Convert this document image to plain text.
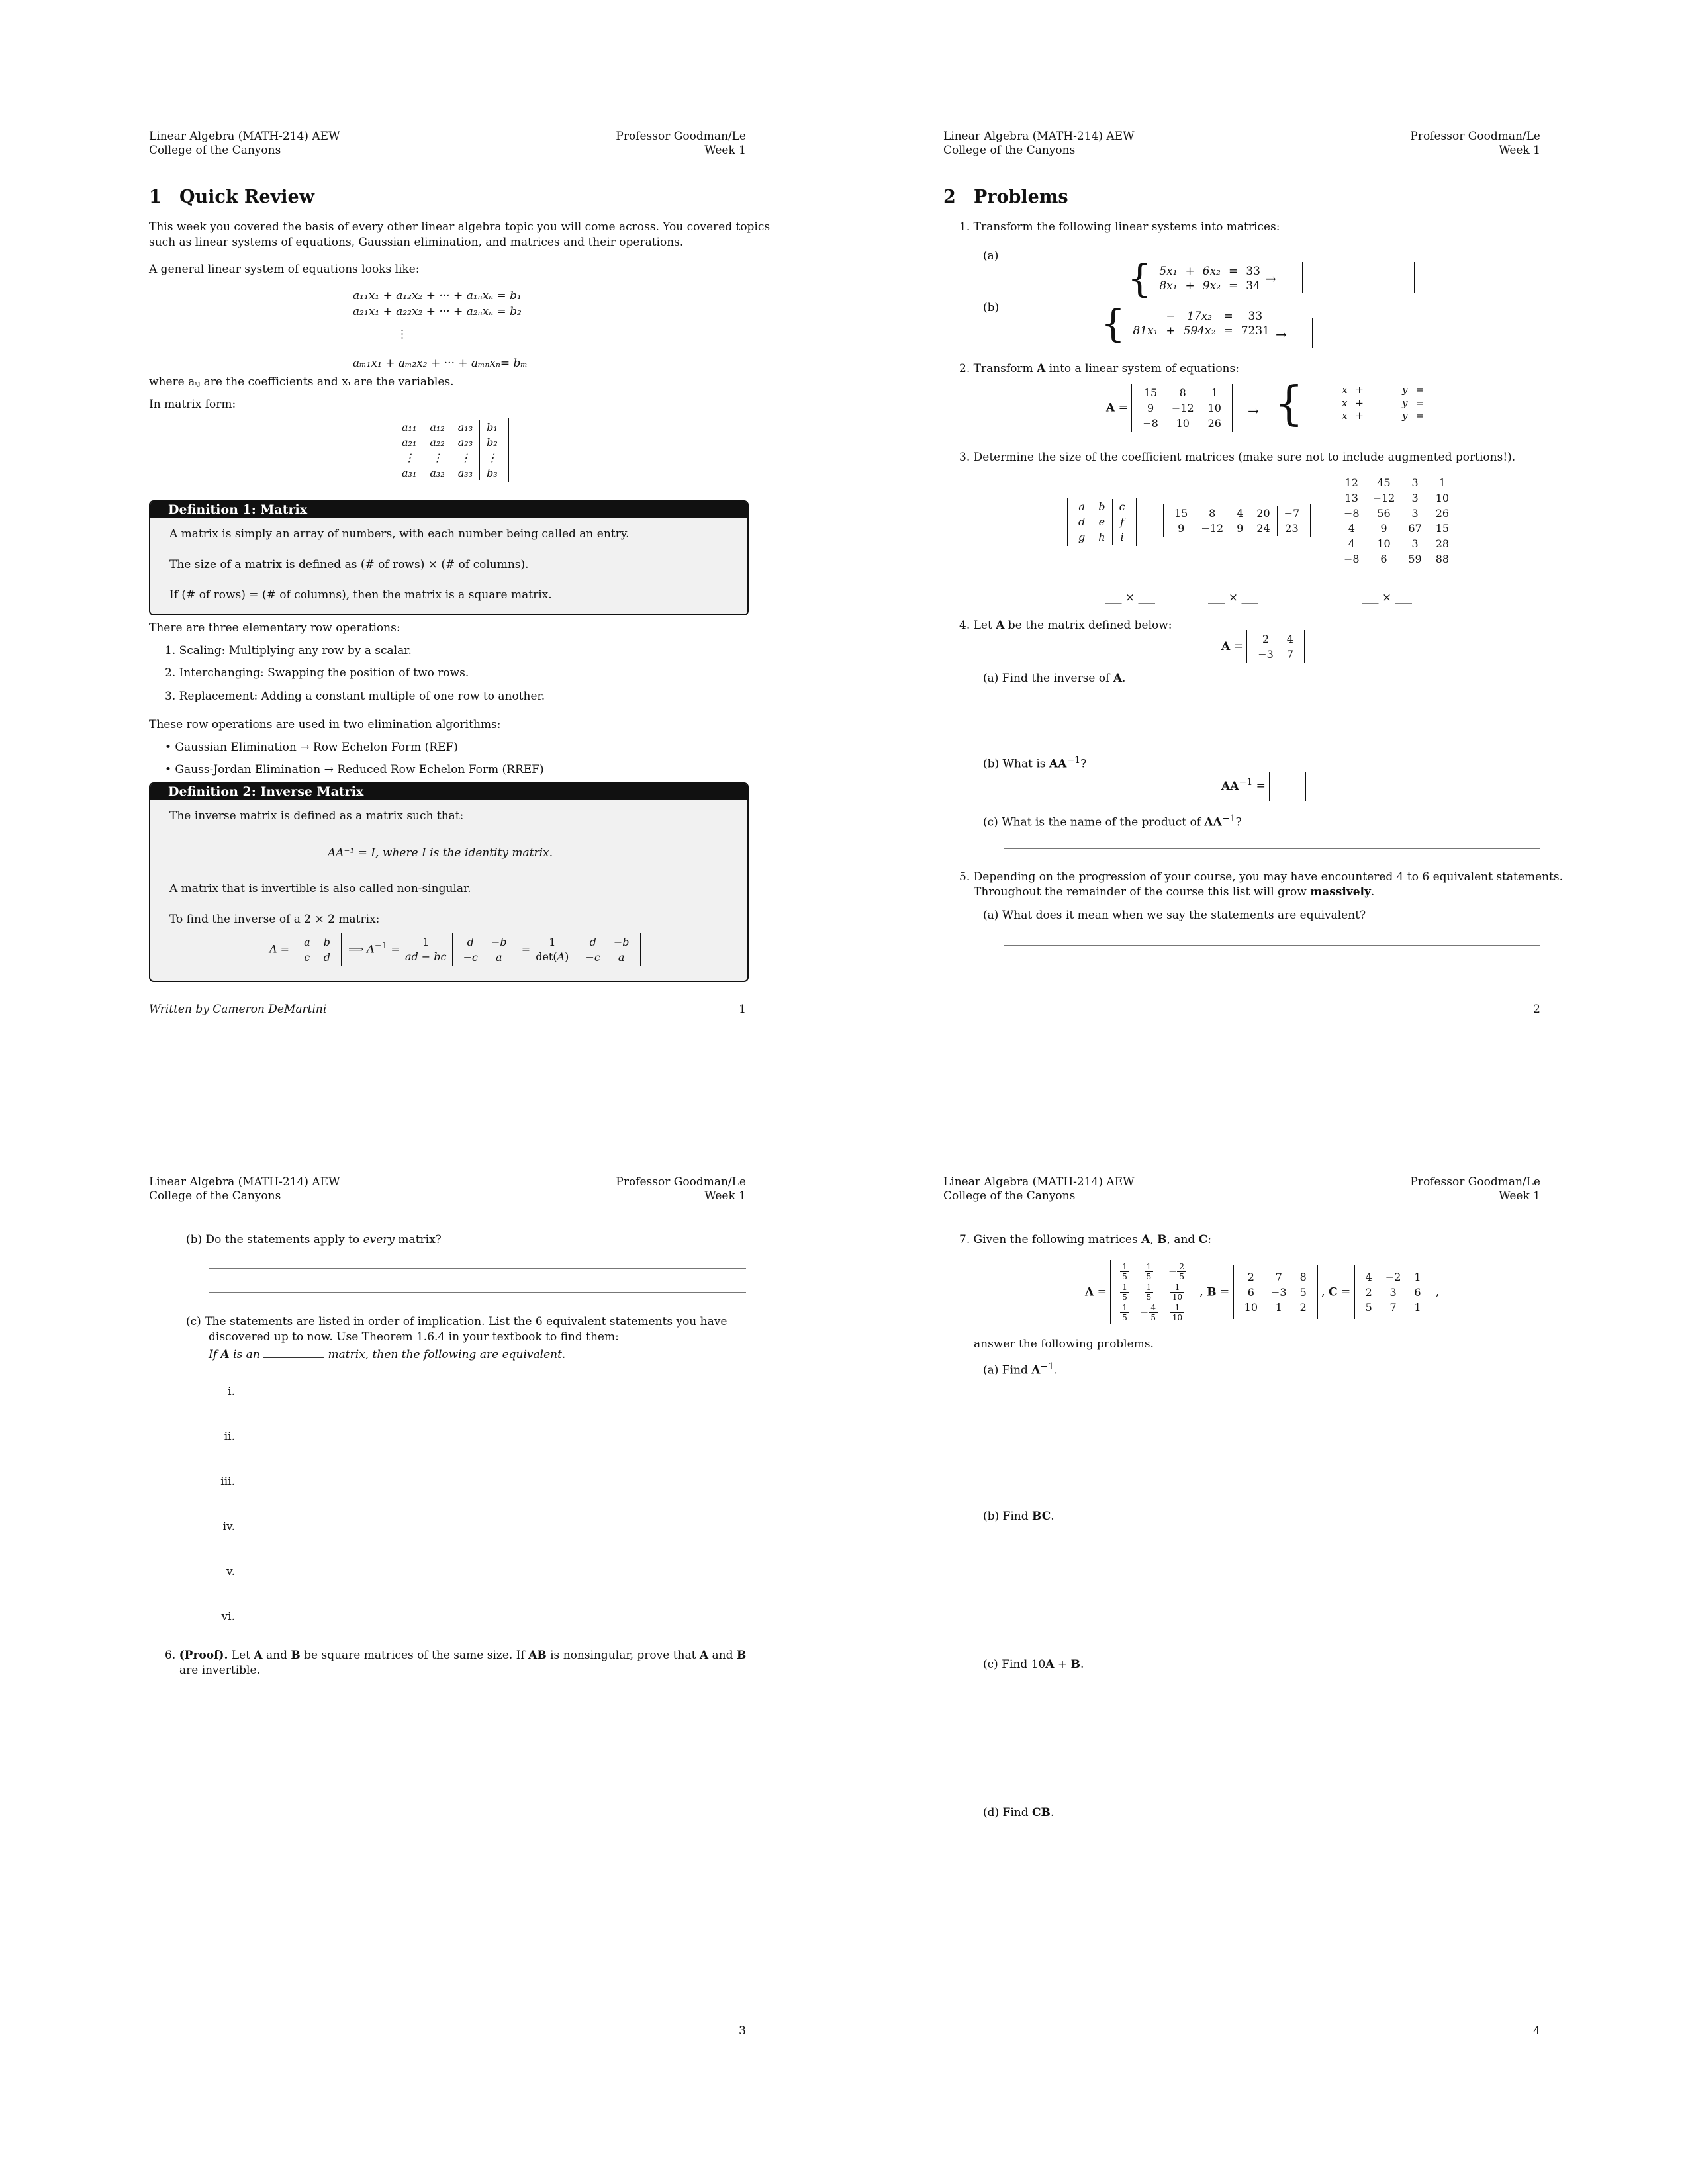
Linear Algebra (MATH-214) AEW
College of the Canyons
Professor Goodman/Le
Week 1
1 Quick Review
This week you covered the basis of every other linear algebra topic you will come across. You covered topics
such as linear systems of equations, Gaussian elimination, and matrices and their operations.
A general linear system of equations looks like:
a₁₁x₁ + a₁₂x₂ + ··· + a₁ₙxₙ = b₁
a₂₁x₁ + a₂₂x₂ + ··· + a₂ₙxₙ = b₂
⋮
aₘ₁x₁ + aₘ₂x₂ + ··· + aₘₙxₙ= bₘ
where aᵢⱼ are the coefficients and xᵢ are the variables.
In matrix form:
a₁₁	a₁₂	a₁₃	b₁
a₂₁	a₂₂	a₂₃	b₂
⋮	⋮	⋮	⋮
a₃₁	a₃₂	a₃₃	b₃
Definition 1: Matrix
A matrix is simply an array of numbers, with each number being called an entry.
The size of a matrix is defined as (# of rows) × (# of columns).
If (# of rows) = (# of columns), then the matrix is a square matrix.
There are three elementary row operations:
1. Scaling: Multiplying any row by a scalar.
2. Interchanging: Swapping the position of two rows.
3. Replacement: Adding a constant multiple of one row to another.
These row operations are used in two elimination algorithms:
• Gaussian Elimination → Row Echelon Form (REF)
• Gauss-Jordan Elimination → Reduced Row Echelon Form (RREF)
Definition 2: Inverse Matrix
The inverse matrix is defined as a matrix such that:
AA⁻¹ = I, where I is the identity matrix.
A matrix that is invertible is also called non-singular.
To find the inverse of a 2 × 2 matrix:
A =
a	b
c	d
⟹ $A^{-1} = \frac{1}{ad - bc}$
d	−b
−c	a
= $\frac{1}{\det(A)}$
d	−b
−c	a
Written by Cameron DeMartini	1
Linear Algebra (MATH-214) AEW
College of the Canyons
Professor Goodman/Le
Week 1
2 Problems
1. Transform the following linear systems into matrices:
(a)	{ 5x₁	+	6x₂	=	33
8x₁	+	9x₂	=	34 →
(b)	{		−	17x₂	=	33
81x₁	+	594x₂	=	7231 →
2. Transform A into a linear system of equations:
A =
15	8	1
9	−12	10
−8	10	26
→ {		x	+		y	=
	x	+		y	=
	x	+		y	=
3. Determine the size of the coefficient matrices (make sure not to include augmented portions!).
a	b	c
d	e	f
g	h	i
15	8	4	20	−7
9	−12	9	24	23
12	45	3	1
13	−12	3	10
−8	56	3	26
4	9	67	15
4	10	3	28
−8	6	59	88
___ × ___	___ × ___	___ × ___
4. Let A be the matrix defined below:
A =
2	4
−3	7
(a) Find the inverse of A.
(b) What is $AA^{-1}$?
$AA^{-1}$ =
(c) What is the name of the product of $AA^{-1}$?
5. Depending on the progression of your course, you may have encountered 4 to 6 equivalent statements.
Throughout the remainder of the course this list will grow massively.
(a) What does it mean when we say the statements are equivalent?
2
Linear Algebra (MATH-214) AEW
College of the Canyons
Professor Goodman/Le
Week 1
(b) Do the statements apply to every matrix?
(c) The statements are listed in order of implication. List the 6 equivalent statements you have
discovered up to now. Use Theorem 1.6.4 in your textbook to find them:
If A is an	matrix, then the following are equivalent.
i.
ii.
iii.
iv.
v.
vi.
6. (Proof). Let A and B be square matrices of the same size. If AB is nonsingular, prove that A and B
are invertible.
3
Linear Algebra (MATH-214) AEW
College of the Canyons
Professor Goodman/Le
Week 1
7. Given the following matrices A, B, and C:
A =
$\frac{1}{5}$	$\frac{1}{5}$	− $\frac{2}{5}$

$\frac{1}{5}$	$\frac{1}{5}$	$\frac{1}{10}$

$\frac{1}{5}$	− $\frac{4}{5}$	$\frac{1}{10}$
, B =
2	7	8
6	−3	5
10	1	2
, C =
4	−2	1
2	3	6
5	7	1
,
answer the following problems.
(a) Find $A^{-1}$.
(b) Find BC.
(c) Find 10A + B.
(d) Find CB.
4
